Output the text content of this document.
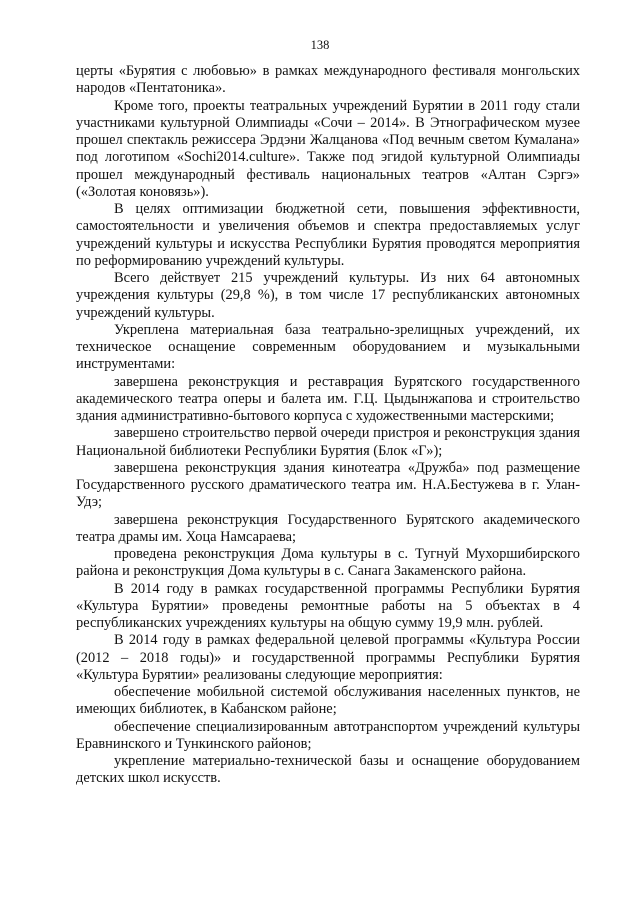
138

церты «Бурятия с любовью» в рамках международного фестиваля монгольских народов «Пентатоника».

Кроме того, проекты театральных учреждений Бурятии в 2011 году стали участниками культурной Олимпиады «Сочи – 2014». В Этнографическом музее прошел спектакль режиссера Эрдэни Жалцанова «Под вечным светом Кумалана» под логотипом «Sochi2014.culture». Также под эгидой культурной Олимпиады прошел международный фестиваль национальных театров «Алтан Сэргэ» («Золотая коновязь»).

В целях оптимизации бюджетной сети, повышения эффективности, самостоятельности и увеличения объемов и спектра предоставляемых услуг учреждений культуры и искусства Республики Бурятия проводятся мероприятия по реформированию учреждений культуры.

Всего действует 215 учреждений культуры. Из них 64 автономных учреждения культуры (29,8 %), в том числе 17 республиканских автономных учреждений культуры.

Укреплена материальная база театрально-зрелищных учреждений, их техническое оснащение современным оборудованием и музыкальными инструментами:

завершена реконструкция и реставрация Бурятского государственного академического театра оперы и балета им. Г.Ц. Цыдынжапова и строительство здания административно-бытового корпуса с художественными мастерскими;

завершено строительство первой очереди пристроя и реконструкция здания Национальной библиотеки Республики Бурятия (Блок «Г»);

завершена реконструкция здания кинотеатра «Дружба» под размещение Государственного русского драматического театра им. Н.А.Бестужева в г. Улан-Удэ;

завершена реконструкция Государственного Бурятского академического театра драмы им. Хоца Намсараева;

проведена реконструкция Дома культуры в с. Тугнуй Мухоршибирского района и реконструкция Дома культуры в с. Санага Закаменского района.

В 2014 году в рамках государственной программы Республики Бурятия «Культура Бурятии» проведены ремонтные работы на 5 объектах в 4 республиканских учреждениях культуры на общую сумму 19,9 млн. рублей.

В 2014 году в рамках федеральной целевой программы «Культура России (2012 – 2018 годы)» и государственной программы Республики Бурятия «Культура Бурятии» реализованы следующие мероприятия:

обеспечение мобильной системой обслуживания населенных пунктов, не имеющих библиотек, в Кабанском районе;

обеспечение специализированным автотранспортом учреждений культуры Еравнинского и Тункинского районов;

укрепление материально-технической базы и оснащение оборудованием детских школ искусств.
